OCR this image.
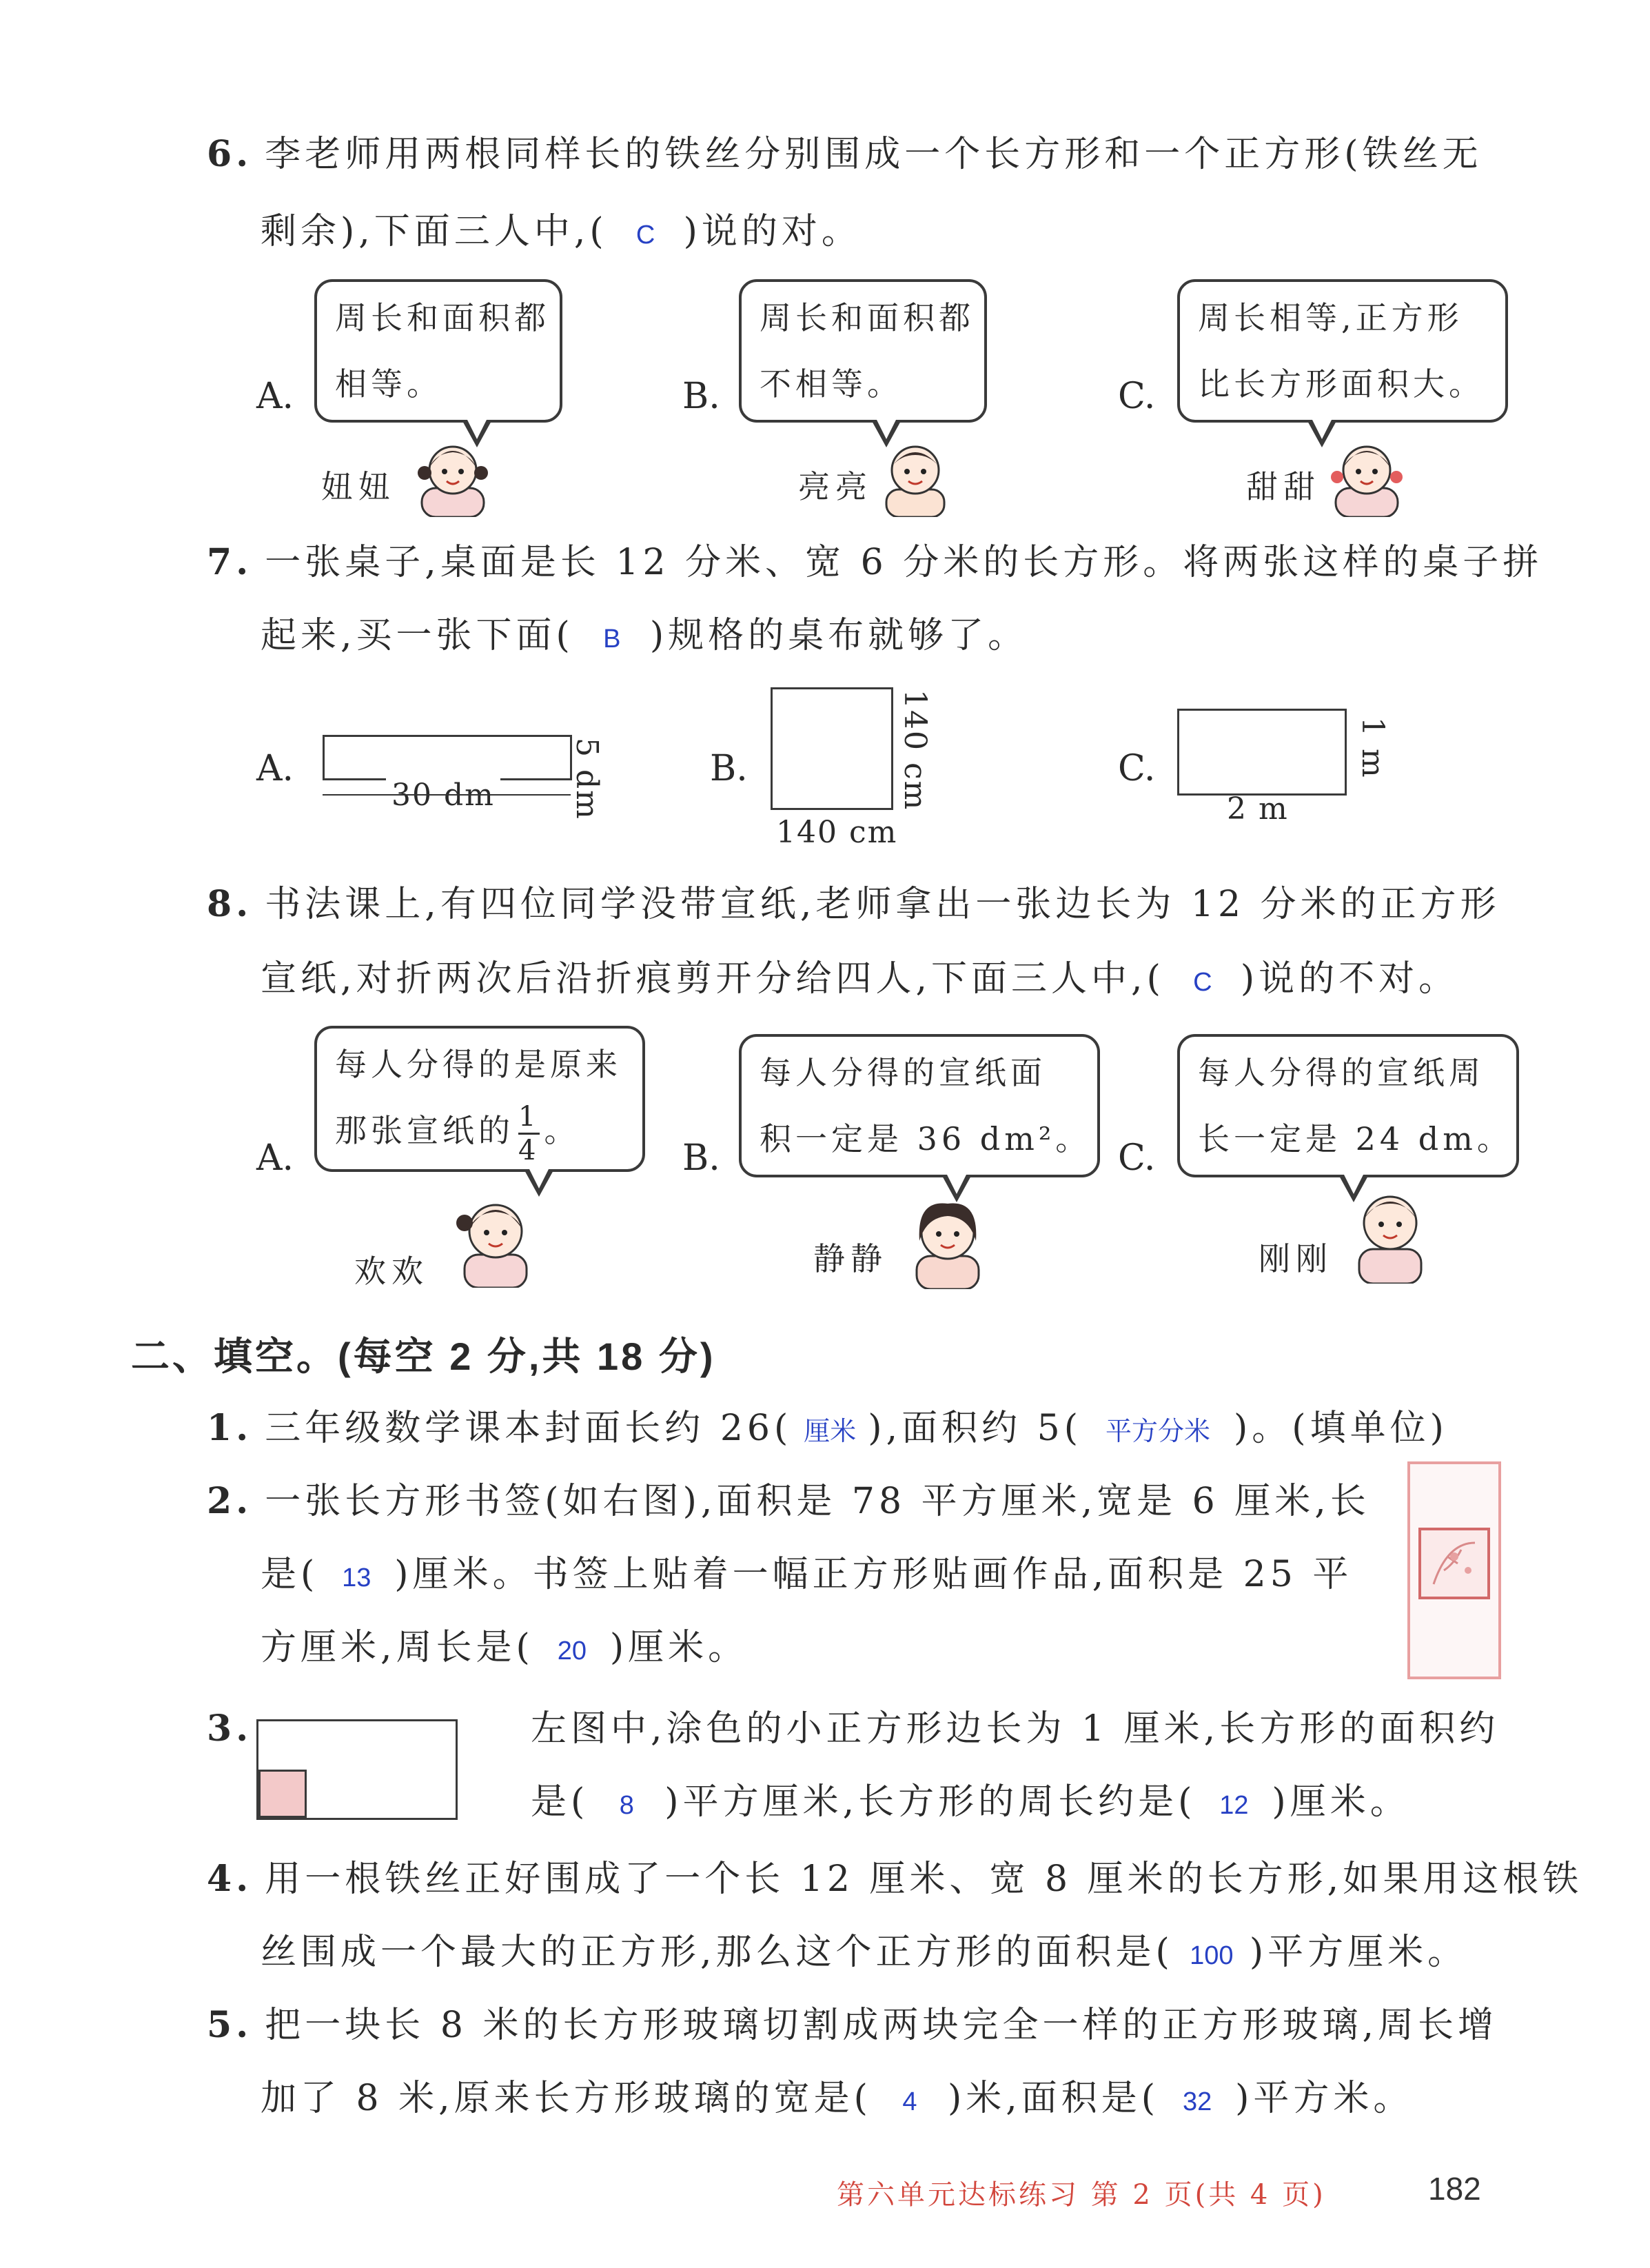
6. 李老师用两根同样长的铁丝分别围成一个长方形和一个正方形(铁丝无
剩余),下面三人中,( C )说的对。
A.
周长和面积都
相等。
妞妞
B.
周长和面积都
不相等。
亮亮
C.
周长相等,正方形
比长方形面积大。
甜甜
7. 一张桌子,桌面是长 12 分米、宽 6 分米的长方形。将两张这样的桌子拼
起来,买一张下面( B )规格的桌布就够了。
A.
30 dm 5 dm	B.
140 cm
140 cm	C.
2 m
1 m
8. 书法课上,有四位同学没带宣纸,老师拿出一张边长为 12 分米的正方形
宣纸,对折两次后沿折痕剪开分给四人,下面三人中,( C )说的不对。
A.
每人分得的是原来
那张宣纸的 $\frac{1}{4}$ 。
欢欢
B.
每人分得的宣纸面
积一定是 36 dm²。
静静
C.
每人分得的宣纸周
长一定是 24 dm。
刚刚
二、填空。(每空 2 分,共 18 分)
1. 三年级数学课本封面长约 26( 厘米 ),面积约 5( 平方分米 )。(填单位)
2. 一张长方形书签(如右图),面积是 78 平方厘米,宽是 6 厘米,长
是( 13 )厘米。书签上贴着一幅正方形贴画作品,面积是 25 平
方厘米,周长是( 20 )厘米。
3.	左图中,涂色的小正方形边长为 1 厘米,长方形的面积约
是( 8 )平方厘米,长方形的周长约是( 12 )厘米。
4. 用一根铁丝正好围成了一个长 12 厘米、宽 8 厘米的长方形,如果用这根铁
丝围成一个最大的正方形,那么这个正方形的面积是( 100 )平方厘米。
5. 把一块长 8 米的长方形玻璃切割成两块完全一样的正方形玻璃,周长增
加了 8 米,原来长方形玻璃的宽是( 4 )米,面积是( 32 )平方米。
第六单元达标练习 第 2 页(共 4 页)	182
